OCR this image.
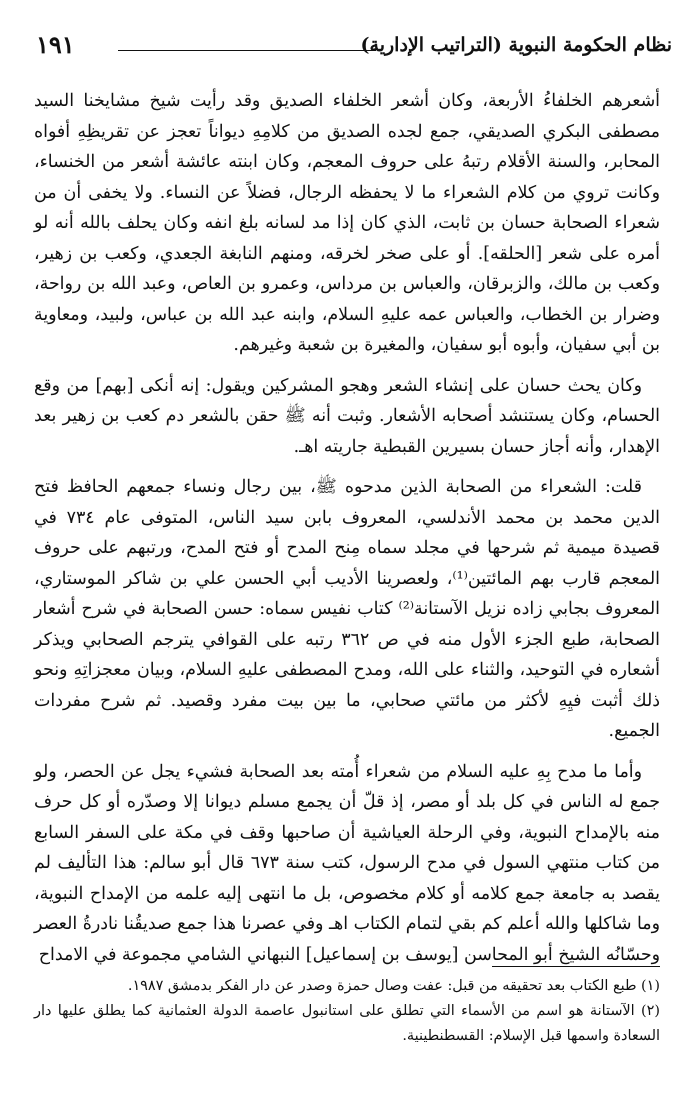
نظام الحكومة النبوية (التراتيب الإدارية)
١٩١

أشعرهم الخلفاءُ الأربعة، وكان أشعر الخلفاء الصديق وقد رأيت شيخ مشايخنا السيد مصطفى البكري الصديقي، جمع لجده الصديق من كلامِهِ ديواناً تعجز عن تقريظِهِ أفواه المحابر، والسنة الأقلام رتبهُ على حروف المعجم، وكان ابنته عائشة أشعر من الخنساء، وكانت تروي من كلام الشعراء ما لا يحفظه الرجال، فضلاً عن النساء. ولا يخفى أن من شعراء الصحابة حسان بن ثابت، الذي كان إذا مد لسانه بلغ انفه وكان يحلف بالله أنه لو أمره على شعر [الحلقه]. أو على صخر لخرقه، ومنهم النابغة الجعدي، وكعب بن زهير، وكعب بن مالك، والزبرقان، والعباس بن مرداس، وعمرو بن العاص، وعبد الله بن رواحة، وضرار بن الخطاب، والعباس عمه عليهِ السلام، وابنه عبد الله بن عباس، ولبيد، ومعاوية بن أبي سفيان، وأبوه أبو سفيان، والمغيرة بن شعبة وغيرهم.

وكان يحث حسان على إنشاء الشعر وهجو المشركين ويقول: إنه أنكى [بهم] من وقع الحسام، وكان يستنشد أصحابه الأشعار. وثبت أنه ﷺ حقن بالشعر دم كعب بن زهير بعد الإهدار، وأنه أجاز حسان بسيرين القبطية جاريته اهـ.

قلت: الشعراء من الصحابة الذين مدحوه ﷺ، بين رجال ونساء جمعهم الحافظ فتح الدين محمد بن محمد الأندلسي، المعروف بابن سيد الناس، المتوفى عام ٧٣٤ في قصيدة ميمية ثم شرحها في مجلد سماه مِنح المدح أو فتح المدح، ورتبهم على حروف المعجم قارب بهم المائتين⁽¹⁾، ولعصرينا الأديب أبي الحسن علي بن شاكر الموستاري، المعروف بجابي زاده نزيل الآستانة⁽²⁾ كتاب نفيس سماه: حسن الصحابة في شرح أشعار الصحابة، طبع الجزء الأول منه في ص ٣٦٢ رتبه على القوافي يترجم الصحابي ويذكر أشعاره في التوحيد، والثناء على الله، ومدح المصطفى عليهِ السلام، وبيان معجزاتِهِ ونحو ذلك أثبت فيِهِ لأكثر من مائتي صحابي، ما بين بيت مفرد وقصيد. ثم شرح مفردات الجميع.

وأما ما مدح بِهِ عليه السلام من شعراء أُمته بعد الصحابة فشيء يجل عن الحصر، ولو جمع له الناس في كل بلد أو مصر، إذ قلّ أن يجمع مسلم ديوانا إلا وصدّره أو كل حرف منه بالإمداح النبوية، وفي الرحلة العياشية أن صاحبها وقف في مكة على السفر السابع من كتاب منتهي السول في مدح الرسول، كتب سنة ٦٧٣ قال أبو سالم: هذا التأليف لم يقصد به جامعة جمع كلامه أو كلام مخصوص، بل ما انتهى إليه علمه من الإمداح النبوية، وما شاكلها والله أعلم كم بقي لتمام الكتاب اهـ وفي عصرنا هذا جمع صديقُنا نادرةُ العصر وحسّانُه الشيخ أبو المحاسن [يوسف بن إسماعيل] النبهاني الشامي مجموعة في الامداح

(١) طبع الكتاب بعد تحقيقه من قبل: عفت وصال حمزة وصدر عن دار الفكر بدمشق ١٩٨٧.

(٢) الآستانة هو اسم من الأسماء التي تطلق على استانبول عاصمة الدولة العثمانية كما يطلق عليها دار السعادة واسمها قبل الإسلام: القسطنطينية.
